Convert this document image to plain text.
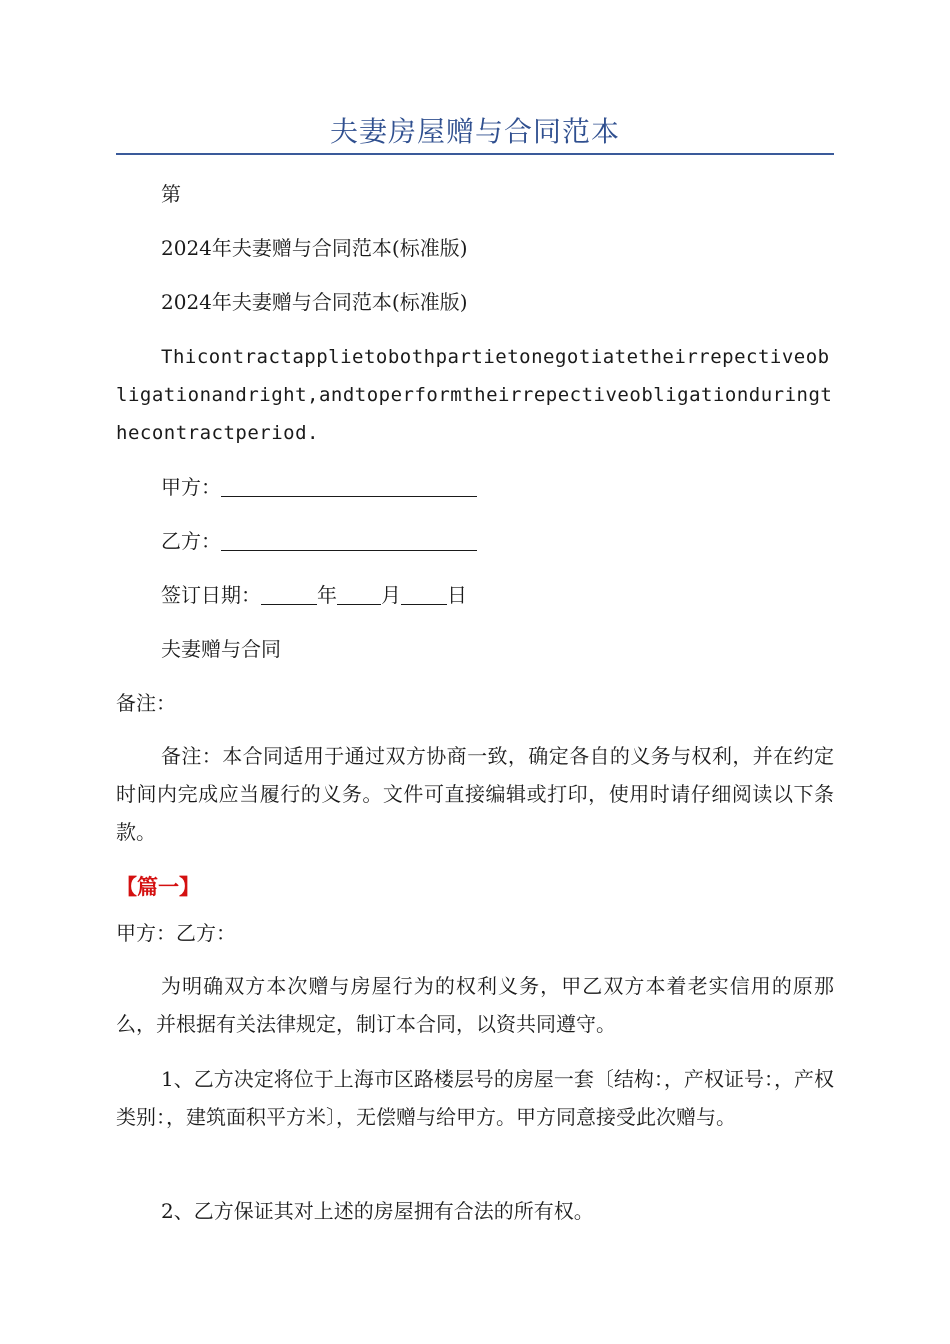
夫妻房屋赠与合同范本
第
2024年夫妻赠与合同范本(标准版)
2024年夫妻赠与合同范本(标准版)
Thicontractapplietobothpartietonegotiatetheirrepectiveobligationandright,andtoperformtheirrepectiveobligationduringthecontractperiod.
甲方：
乙方：
签订日期：	年 月 日
夫妻赠与合同
备注：
备注：本合同适用于通过双方协商一致，确定各自的义务与权利，并在约定时间内完成应当履行的义务。文件可直接编辑或打印，使用时请仔细阅读以下条款。
【篇一】
甲方：乙方：
为明确双方本次赠与房屋行为的权利义务，甲乙双方本着老实信用的原那么，并根据有关法律规定，制订本合同，以资共同遵守。
1、乙方决定将位于上海市区路楼层号的房屋一套〔结构：，产权证号：，产权类别：，建筑面积平方米〕，无偿赠与给甲方。甲方同意接受此次赠与。
2、乙方保证其对上述的房屋拥有合法的所有权。
